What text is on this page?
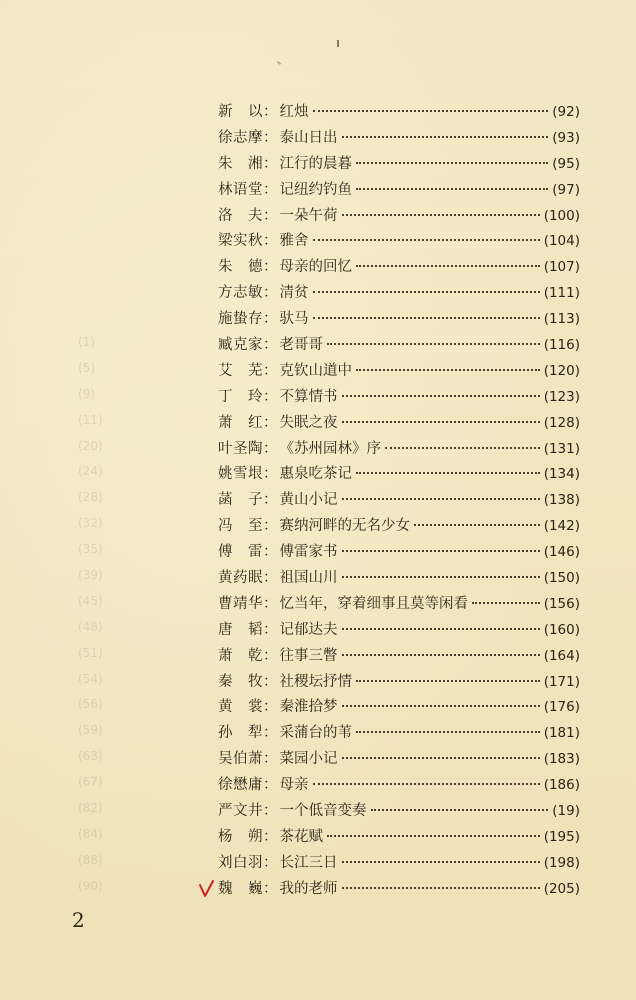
(1)
(5)
(9)
(11)
(20)
(24)
(28)
(32)
(35)
(39)
(45)
(48)
(51)
(54)
(56)
(59)
(63)
(67)
(82)
(84)
(88)
(90)
新　以 ： 红烛	(92)
徐志摩 ： 泰山日出	(93)
朱　湘 ： 江行的晨暮	(95)
林语堂 ： 记纽约钓鱼	(97)
洛　夫 ： 一朵午荷	(100)
梁实秋 ： 雅舍	(104)
朱　德 ： 母亲的回忆	(107)
方志敏 ： 清贫	(111)
施蛰存 ： 驮马	(113)
臧克家 ： 老哥哥	(116)
艾　芜 ： 克钦山道中	(120)
丁　玲 ： 不算情书	(123)
萧　红 ： 失眠之夜	(128)
叶圣陶 ： 《苏州园林》序	(131)
姚雪垠 ： 惠泉吃茶记	(134)
菡　子 ： 黄山小记	(138)
冯　至 ： 赛纳河畔的无名少女	(142)
傅　雷 ： 傅雷家书	(146)
黄药眠 ： 祖国山川	(150)
曹靖华 ： 忆当年，穿着细事且莫等闲看	(156)
唐　韬 ： 记郁达夫	(160)
萧　乾 ： 往事三瞥	(164)
秦　牧 ： 社稷坛抒情	(171)
黄　裳 ： 秦淮拾梦	(176)
孙　犁 ： 采蒲台的苇	(181)
吴伯萧 ： 菜园小记	(183)
徐懋庸 ： 母亲	(186)
严文井 ： 一个低音变奏	(19)
杨　朔 ： 茶花赋	(195)
刘白羽 ： 长江三日	(198)
魏　巍 ： 我的老师	(205)
2
